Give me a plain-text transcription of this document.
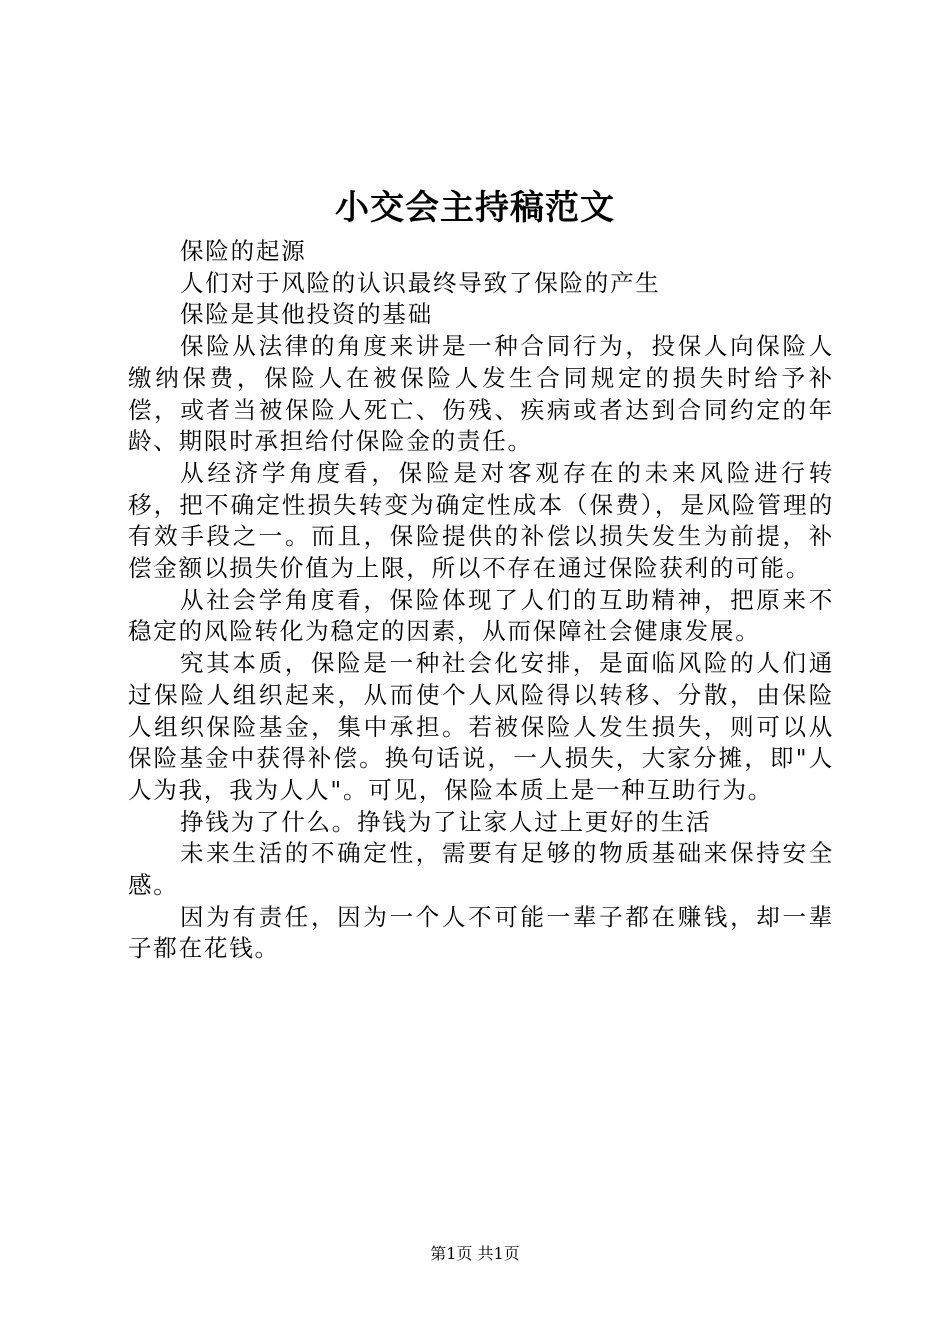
小交会主持稿范文

保险的起源

人们对于风险的认识最终导致了保险的产生

保险是其他投资的基础

保险从法律的角度来讲是一种合同行为，投保人向保险人缴纳保费，保险人在被保险人发生合同规定的损失时给予补偿，或者当被保险人死亡、伤残、疾病或者达到合同约定的年龄、期限时承担给付保险金的责任。

从经济学角度看，保险是对客观存在的未来风险进行转移，把不确定性损失转变为确定性成本（保费），是风险管理的有效手段之一。而且，保险提供的补偿以损失发生为前提，补偿金额以损失价值为上限，所以不存在通过保险获利的可能。

从社会学角度看，保险体现了人们的互助精神，把原来不稳定的风险转化为稳定的因素，从而保障社会健康发展。

究其本质，保险是一种社会化安排，是面临风险的人们通过保险人组织起来，从而使个人风险得以转移、分散，由保险人组织保险基金，集中承担。若被保险人发生损失，则可以从保险基金中获得补偿。换句话说，一人损失，大家分摊，即"人人为我，我为人人"。可见，保险本质上是一种互助行为。

挣钱为了什么。挣钱为了让家人过上更好的生活

未来生活的不确定性，需要有足够的物质基础来保持安全感。

因为有责任，因为一个人不可能一辈子都在赚钱，却一辈子都在花钱。

第1页 共1页
